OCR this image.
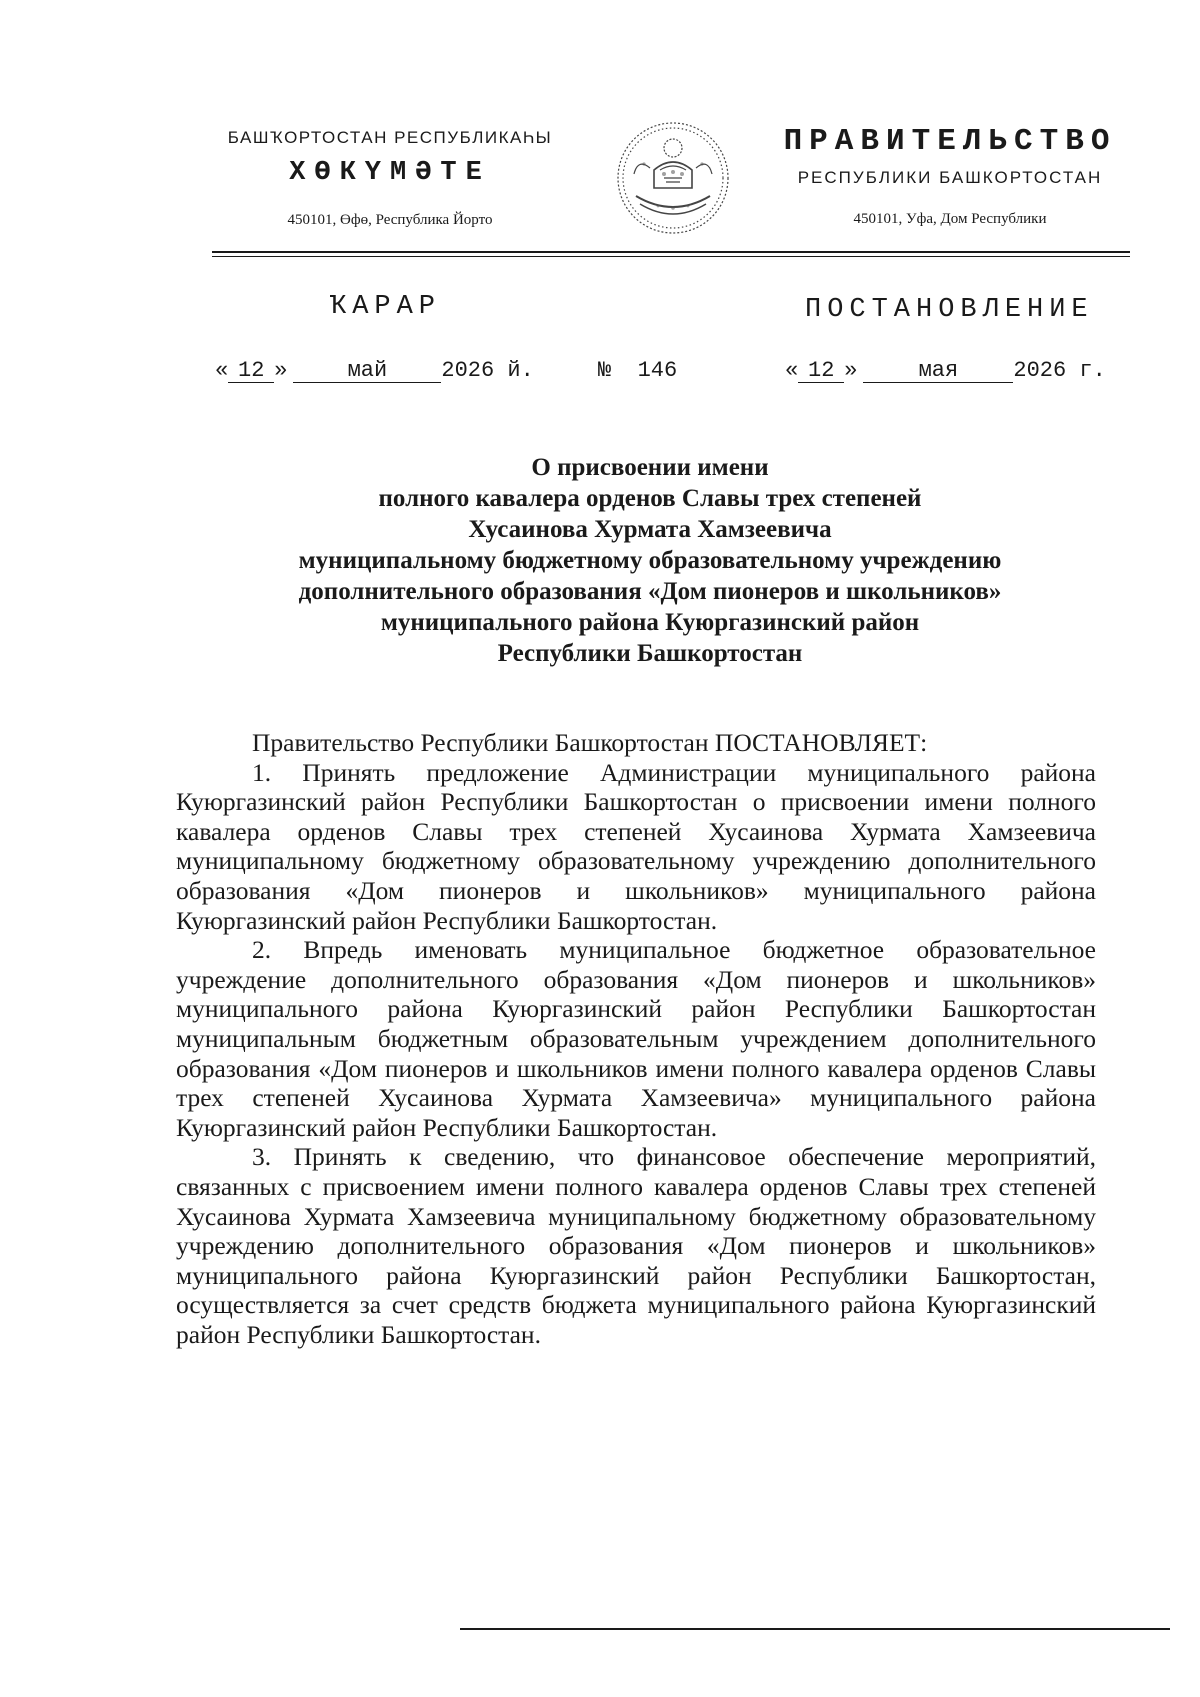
БАШҠОРТОСТАН РЕСПУБЛИКАҺЫ
ХӨКҮМӘТЕ
450101, Өфө, Республика Йорто
ПРАВИТЕЛЬСТВО
РЕСПУБЛИКИ БАШКОРТОСТАН
450101, Уфа, Дом Республики
ҠАРАР	ПОСТАНОВЛЕНИЕ
« 12 »	май 2026 й.	№ 146	« 12 »	мая	2026 г.
О присвоении имени
полного кавалера орденов Славы трех степеней
Хусаинова Хурмата Хамзеевича
муниципальному бюджетному образовательному учреждению
дополнительного образования «Дом пионеров и школьников»
муниципального района Куюргазинский район
Республики Башкортостан

Правительство Республики Башкортостан ПОСТАНОВЛЯЕТ:

1. Принять предложение Администрации муниципального района Куюргазинский район Республики Башкортостан о присвоении имени полного кавалера орденов Славы трех степеней Хусаинова Хурмата Хамзеевича муниципальному бюджетному образовательному учреждению дополнительного образования «Дом пионеров и школьников» муниципального района Куюргазинский район Республики Башкортостан.

2. Впредь именовать муниципальное бюджетное образовательное учреждение дополнительного образования «Дом пионеров и школьников» муниципального района Куюргазинский район Республики Башкортостан муниципальным бюджетным образовательным учреждением дополнительного образования «Дом пионеров и школьников имени полного кавалера орденов Славы трех степеней Хусаинова Хурмата Хамзеевича» муниципального района Куюргазинский район Республики Башкортостан.

3. Принять к сведению, что финансовое обеспечение мероприятий, связанных с присвоением имени полного кавалера орденов Славы трех степеней Хусаинова Хурмата Хамзеевича муниципальному бюджетному образовательному учреждению дополнительного образования «Дом пионеров и школьников» муниципального района Куюргазинский район Республики Башкортостан, осуществляется за счет средств бюджета муниципального района Куюргазинский район Республики Башкортостан.
